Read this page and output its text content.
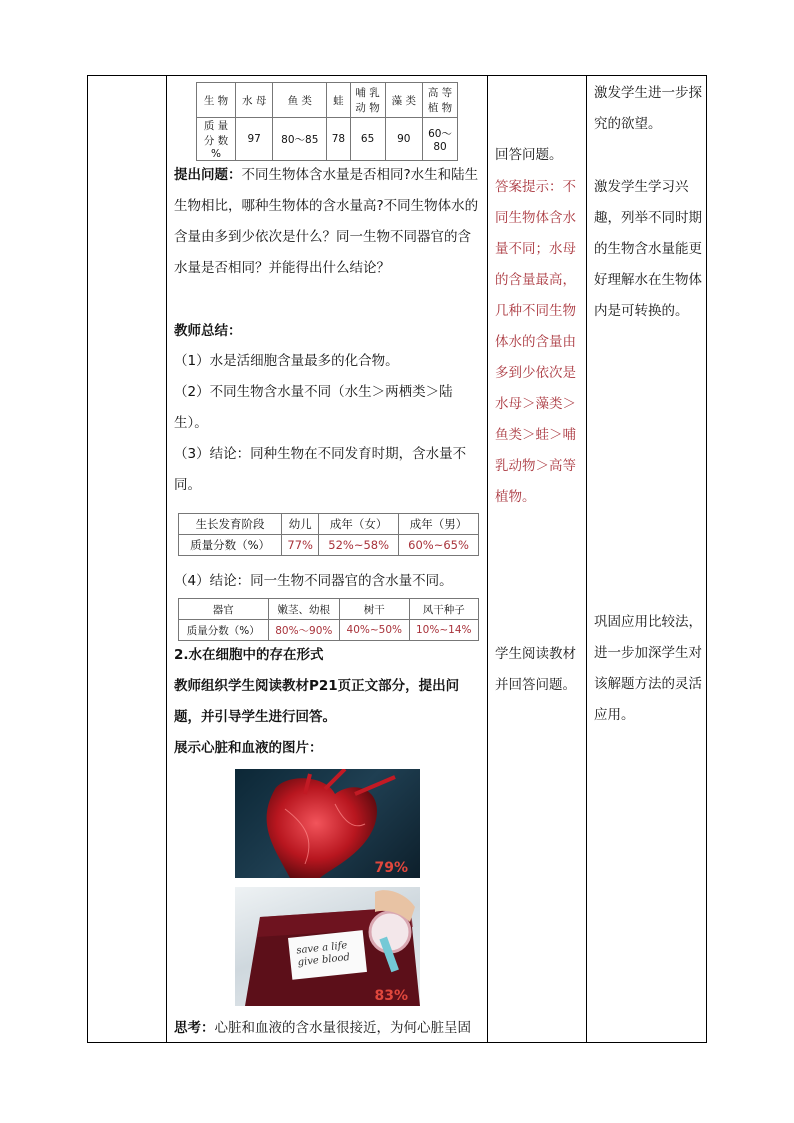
生 物	水 母	鱼 类	蛙	哺 乳 动 物	藻 类	高 等 植 物
质 量 分 数 %	97	80～85	78	65	90	60～80

提出问题：不同生物体含水量是否相同?水生和陆生生物相比，哪种生物体的含水量高?不同生物体水的含量由多到少依次是什么？同一生物不同器官的含水量是否相同？并能得出什么结论？

教师总结：

（1）水是活细胞含量最多的化合物。

（2）不同生物含水量不同（水生＞两栖类＞陆生）。

（3）结论：同种生物在不同发育时期，含水量不同。

生长发育阶段	幼儿	成年（女）	成年（男）
质量分数（%）	77%	52%~58%	60%~65%

（4）结论：同一生物不同器官的含水量不同。

器官	嫩茎、幼根	树干	风干种子
质量分数（%）	80%～90%	40%~50%	10%~14%

2.水在细胞中的存在形式

教师组织学生阅读教材P21页正文部分，提出问题，并引导学生进行回答。

展示心脏和血液的图片：

79%
save a life
give blood
83%

思考：心脏和血液的含水量很接近，为何心脏呈固

回答问题。

答案提示：不同生物体含水量不同；水母的含量最高，几种不同生物体水的含量由多到少依次是水母＞藻类＞鱼类＞蛙＞哺乳动物＞高等植物。

学生阅读教材并回答问题。

激发学生进一步探究的欲望。

激发学生学习兴趣，列举不同时期的生物含水量能更好理解水在生物体内是可转换的。

巩固应用比较法，进一步加深学生对该解题方法的灵活应用。
